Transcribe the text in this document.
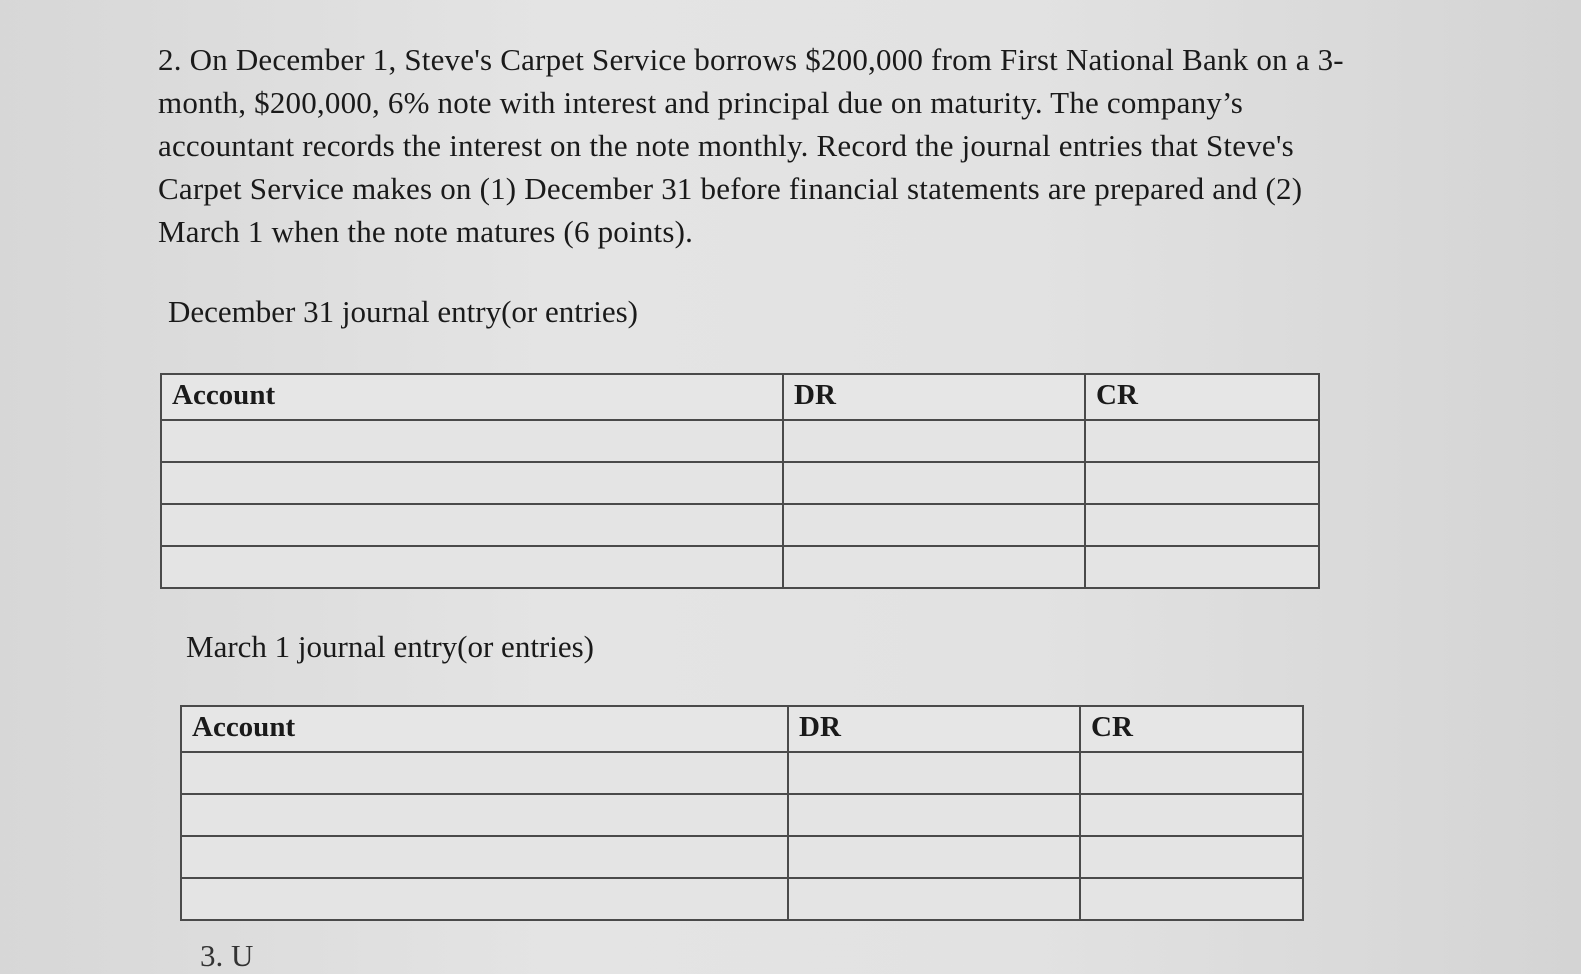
2. On December 1, Steve's Carpet Service borrows $200,000 from First National Bank on a 3-

month, $200,000, 6% note with interest and principal due on maturity. The company’s

accountant records the interest on the note monthly. Record the journal entries that Steve's

Carpet Service makes on (1) December 31 before financial statements are prepared and (2)

March 1 when the note matures (6 points).

December 31 journal entry(or entries)
Account	DR	CR

March 1 journal entry(or entries)
Account	DR	CR

3. U
